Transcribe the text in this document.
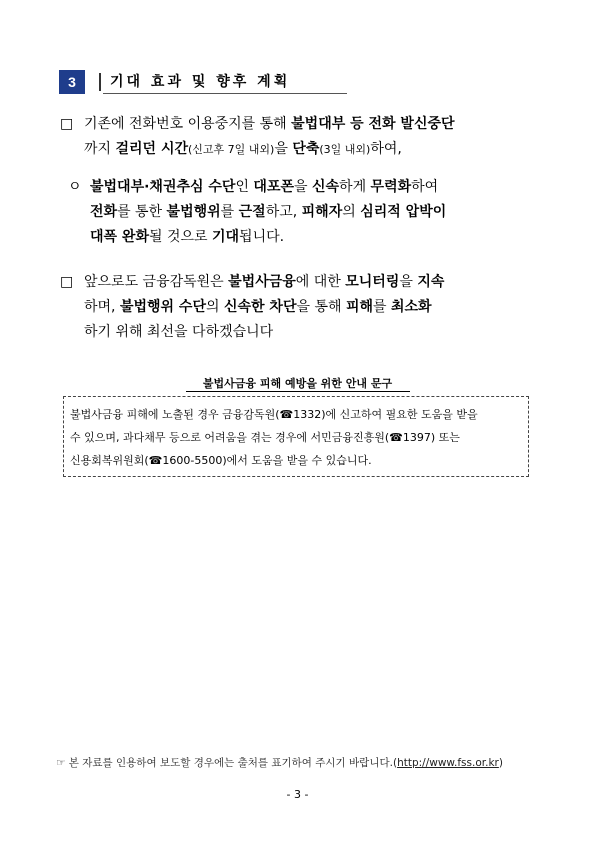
3	기대 효과 및 향후 계획
□ 기존에 전화번호 이용중지를 통해 불법대부 등 전화 발신중단
까지 걸리던 시간(신고후 7일 내외)을 단축(3일 내외)하여,
ㅇ 불법대부·채권추심 수단인 대포폰을 신속하게 무력화하여
전화를 통한 불법행위를 근절하고, 피해자의 심리적 압박이
대폭 완화될 것으로 기대됩니다.
□ 앞으로도 금융감독원은 불법사금융에 대한 모니터링을 지속
하며, 불법행위 수단의 신속한 차단을 통해 피해를 최소화
하기 위해 최선을 다하겠습니다
불법사금융 피해 예방을 위한 안내 문구
불법사금융 피해에 노출된 경우 금융감독원(☎1332)에 신고하여 필요한 도움을 받을
수 있으며, 과다채무 등으로 어려움을 겪는 경우에 서민금융진흥원(☎1397) 또는
신용회복위원회(☎1600-5500)에서 도움을 받을 수 있습니다.
☞ 본 자료를 인용하여 보도할 경우에는 출처를 표기하여 주시기 바랍니다.(http://www.fss.or.kr)
- 3 -
